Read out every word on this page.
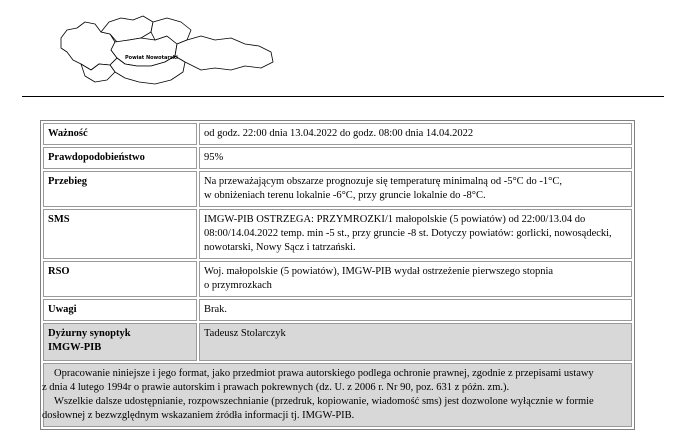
Powiat Nowotarski
Ważność	od godz. 22:00 dnia 13.04.2022 do godz. 08:00 dnia 14.04.2022

Prawdopodobieństwo	95%

Przebieg	Na przeważającym obszarze prognozuje się temperaturę minimalną od -5°C do -1°C,
w obniżeniach terenu lokalnie -6°C, przy gruncie lokalnie do -8°C.

SMS	IMGW-PIB OSTRZEGA: PRZYMROZKI/1 małopolskie (5 powiatów) od 22:00/13.04 do
08:00/14.04.2022 temp. min -5 st., przy gruncie -8 st. Dotyczy powiatów: gorlicki, nowosądecki,
nowotarski, Nowy Sącz i tatrzański.

RSO	Woj. małopolskie (5 powiatów), IMGW-PIB wydał ostrzeżenie pierwszego stopnia
o przymrozkach

Uwagi	Brak.

Dyżurny synoptyk
IMGW-PIB	Tadeusz Stolarczyk

Opracowanie niniejsze i jego format, jako przedmiot prawa autorskiego podlega ochronie prawnej, zgodnie z przepisami ustawy
z dnia 4 lutego 1994r o prawie autorskim i prawach pokrewnych (dz. U. z 2006 r. Nr 90, poz. 631 z późn. zm.).

Wszelkie dalsze udostępnianie, rozpowszechnianie (przedruk, kopiowanie, wiadomość sms) jest dozwolone wyłącznie w formie
dosłownej z bezwzględnym wskazaniem źródła informacji tj. IMGW-PIB.	
